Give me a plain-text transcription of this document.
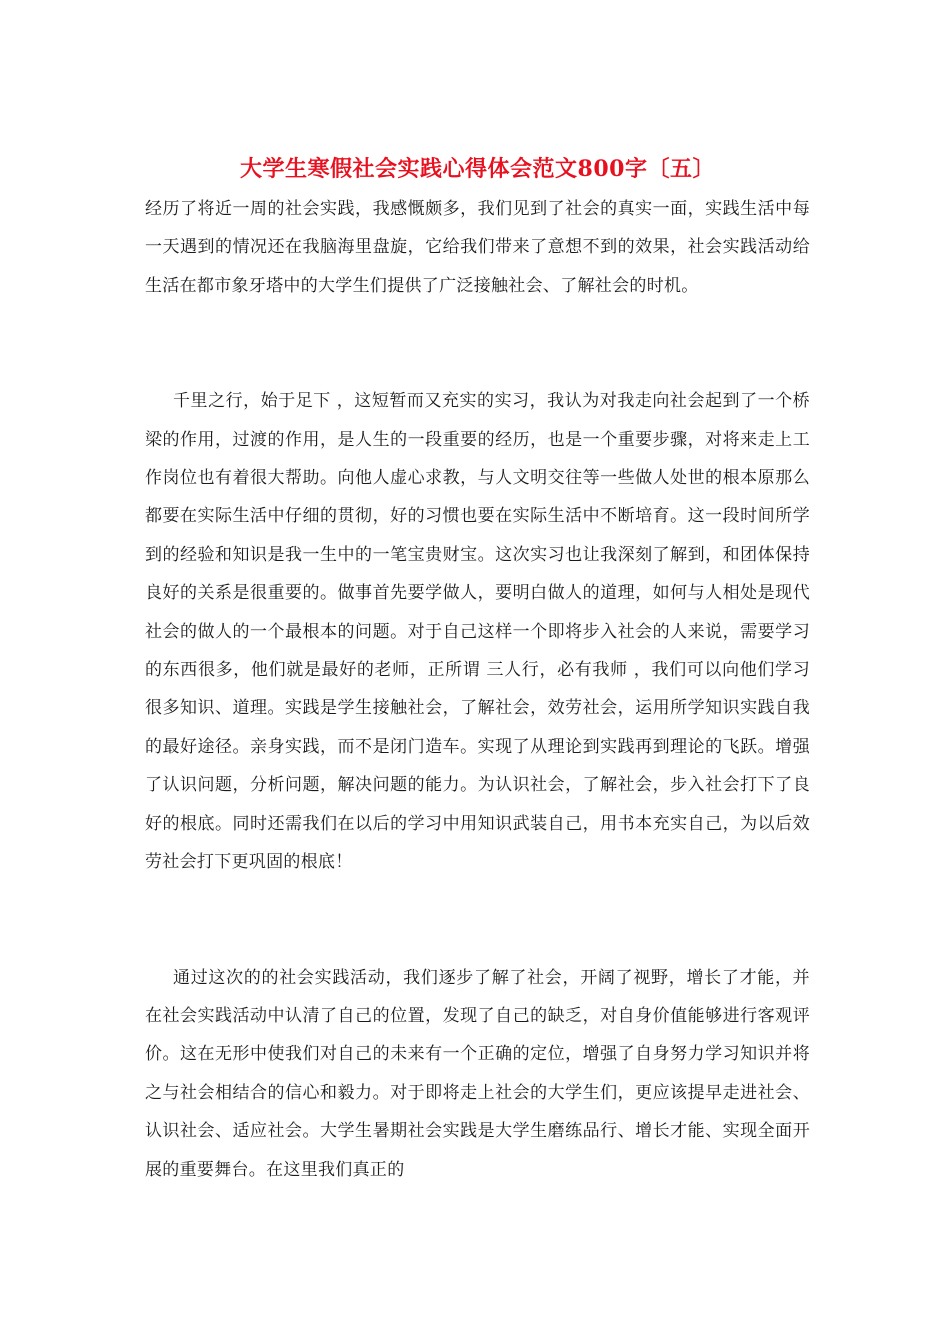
大学生寒假社会实践心得体会范文800字〔五〕

经历了将近一周的社会实践，我感慨颇多，我们见到了社会的真实一面，实践生活中每一天遇到的情况还在我脑海里盘旋，它给我们带来了意想不到的效果，社会实践活动给生活在都市象牙塔中的大学生们提供了广泛接触社会、了解社会的时机。

千里之行，始于足下 ，这短暂而又充实的实习，我认为对我走向社会起到了一个桥梁的作用，过渡的作用，是人生的一段重要的经历，也是一个重要步骤，对将来走上工作岗位也有着很大帮助。向他人虚心求教，与人文明交往等一些做人处世的根本原那么都要在实际生活中仔细的贯彻，好的习惯也要在实际生活中不断培育。这一段时间所学到的经验和知识是我一生中的一笔宝贵财宝。这次实习也让我深刻了解到，和团体保持良好的关系是很重要的。做事首先要学做人，要明白做人的道理，如何与人相处是现代社会的做人的一个最根本的问题。对于自己这样一个即将步入社会的人来说，需要学习的东西很多，他们就是最好的老师，正所谓 三人行，必有我师 ，我们可以向他们学习很多知识、道理。实践是学生接触社会，了解社会，效劳社会，运用所学知识实践自我的最好途径。亲身实践，而不是闭门造车。实现了从理论到实践再到理论的飞跃。增强了认识问题，分析问题，解决问题的能力。为认识社会，了解社会，步入社会打下了良好的根底。同时还需我们在以后的学习中用知识武装自己，用书本充实自己，为以后效劳社会打下更巩固的根底！

通过这次的的社会实践活动，我们逐步了解了社会，开阔了视野，增长了才能，并在社会实践活动中认清了自己的位置，发现了自己的缺乏，对自身价值能够进行客观评价。这在无形中使我们对自己的未来有一个正确的定位，增强了自身努力学习知识并将之与社会相结合的信心和毅力。对于即将走上社会的大学生们，更应该提早走进社会、认识社会、适应社会。大学生暑期社会实践是大学生磨练品行、增长才能、实现全面开展的重要舞台。在这里我们真正的
